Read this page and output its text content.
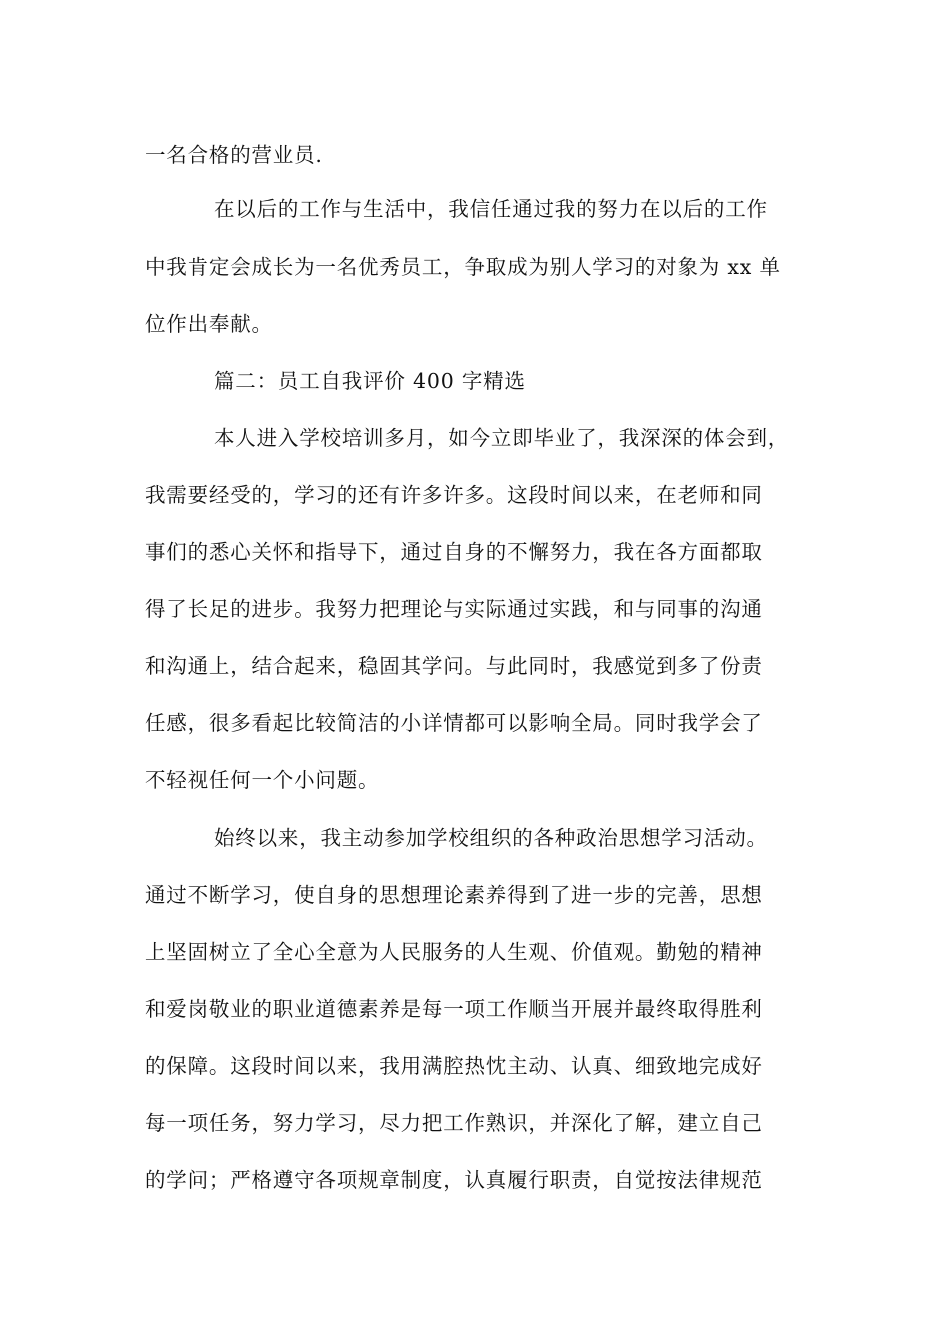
一名合格的营业员.
在以后的工作与生活中，我信任通过我的努力在以后的工作
中我肯定会成长为一名优秀员工，争取成为别人学习的对象为 xx 单
位作出奉献。
篇二：员工自我评价 400 字精选
本人进入学校培训多月，如今立即毕业了，我深深的体会到，
我需要经受的，学习的还有许多许多。这段时间以来，在老师和同
事们的悉心关怀和指导下，通过自身的不懈努力，我在各方面都取
得了长足的进步。我努力把理论与实际通过实践，和与同事的沟通
和沟通上，结合起来，稳固其学问。与此同时，我感觉到多了份责
任感，很多看起比较简洁的小详情都可以影响全局。同时我学会了
不轻视任何一个小问题。
始终以来，我主动参加学校组织的各种政治思想学习活动。
通过不断学习，使自身的思想理论素养得到了进一步的完善，思想
上坚固树立了全心全意为人民服务的人生观、价值观。勤勉的精神
和爱岗敬业的职业道德素养是每一项工作顺当开展并最终取得胜利
的保障。这段时间以来，我用满腔热忱主动、认真、细致地完成好
每一项任务，努力学习，尽力把工作熟识，并深化了解，建立自己
的学问；严格遵守各项规章制度，认真履行职责，自觉按法律规范
